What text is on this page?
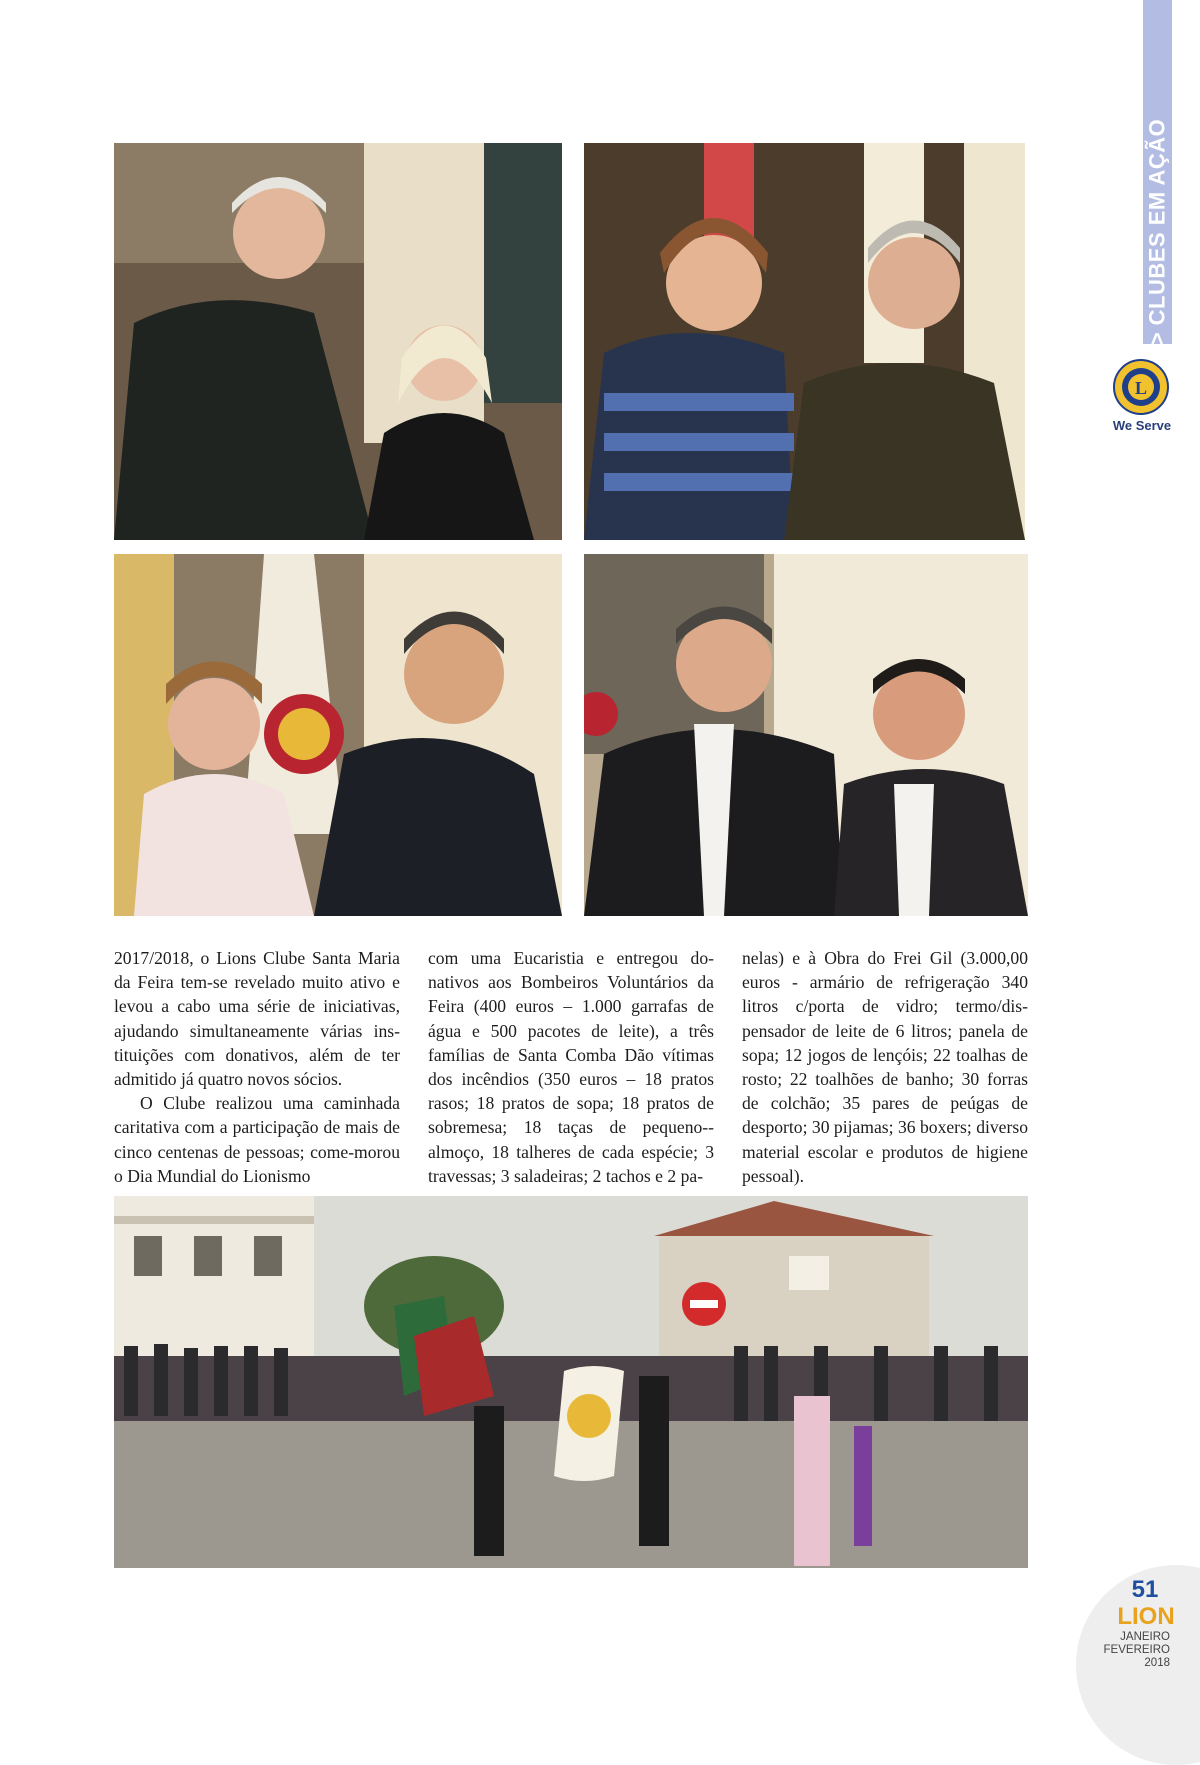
> CLUBES EM AÇÃO
L
We Serve

2017/2018, o Lions Clube Santa Maria da Feira tem-se revelado muito ativo e levou a cabo uma série de iniciativas, ajudando simultaneamente várias ins-tituições com donativos, além de ter admitido já quatro novos sócios.

O Clube realizou uma caminhada caritativa com a participação de mais de cinco centenas de pessoas; come-morou o Dia Mundial do Lionismo

com uma Eucaristia e entregou do-nativos aos Bombeiros Voluntários da Feira (400 euros – 1.000 garrafas de água e 500 pacotes de leite), a três famílias de Santa Comba Dão vítimas dos incêndios (350 euros – 18 pratos rasos; 18 pratos de sopa; 18 pratos de sobremesa; 18 taças de pequeno--almoço, 18 talheres de cada espécie; 3 travessas; 3 saladeiras; 2 tachos e 2 pa-

nelas) e à Obra do Frei Gil (3.000,00 euros - armário de refrigeração 340 litros c/porta de vidro; termo/dis-pensador de leite de 6 litros; panela de sopa; 12 jogos de lençóis; 22 toalhas de rosto; 22 toalhões de banho; 30 forras de colchão; 35 pares de peúgas de desporto; 30 pijamas; 36 boxers; diverso material escolar e produtos de higiene pessoal).

51
LION
JANEIRO
FEVEREIRO
2018
